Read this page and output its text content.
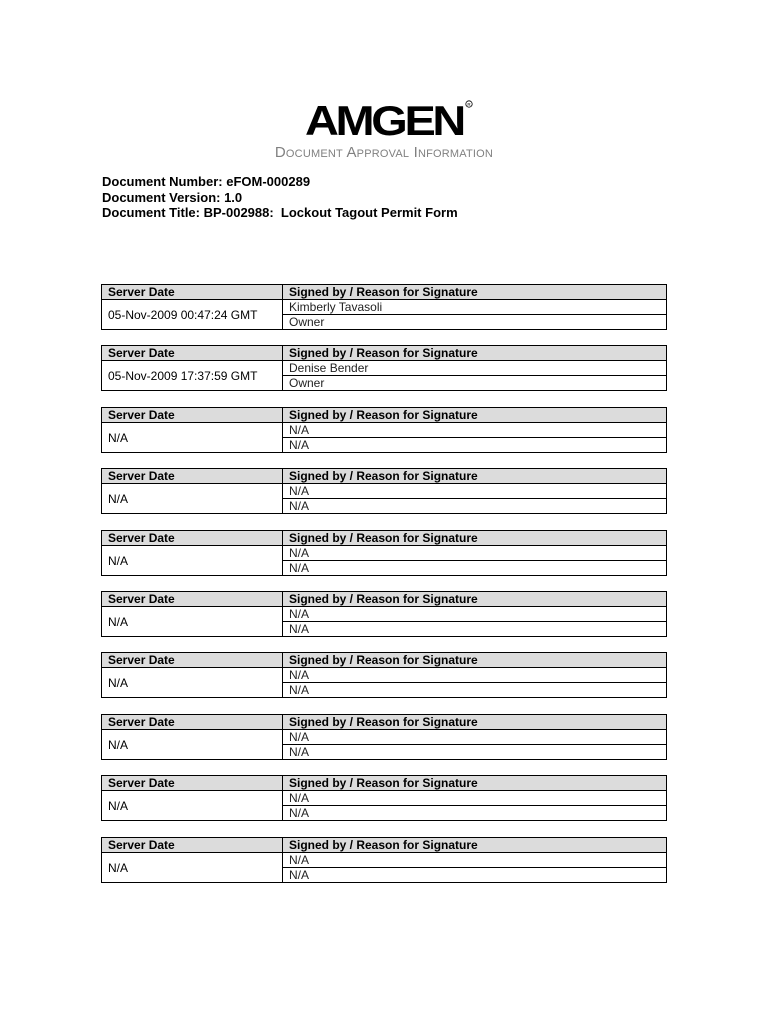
AMGEN R
Document Approval Information
Document Number: eFOM-000289
Document Version: 1.0
Document Title: BP-002988:  Lockout Tagout Permit Form
Server Date	Signed by / Reason for Signature
05-Nov-2009 00:47:24 GMT	Kimberly Tavasoli
	Owner
Server Date	Signed by / Reason for Signature
05-Nov-2009 17:37:59 GMT	Denise Bender
	Owner
Server Date	Signed by / Reason for Signature
N/A	N/A
	N/A
Server Date	Signed by / Reason for Signature
N/A	N/A
	N/A
Server Date	Signed by / Reason for Signature
N/A	N/A
	N/A
Server Date	Signed by / Reason for Signature
N/A	N/A
	N/A
Server Date	Signed by / Reason for Signature
N/A	N/A
	N/A
Server Date	Signed by / Reason for Signature
N/A	N/A
	N/A
Server Date	Signed by / Reason for Signature
N/A	N/A
	N/A
Server Date	Signed by / Reason for Signature
N/A	N/A
	N/A
